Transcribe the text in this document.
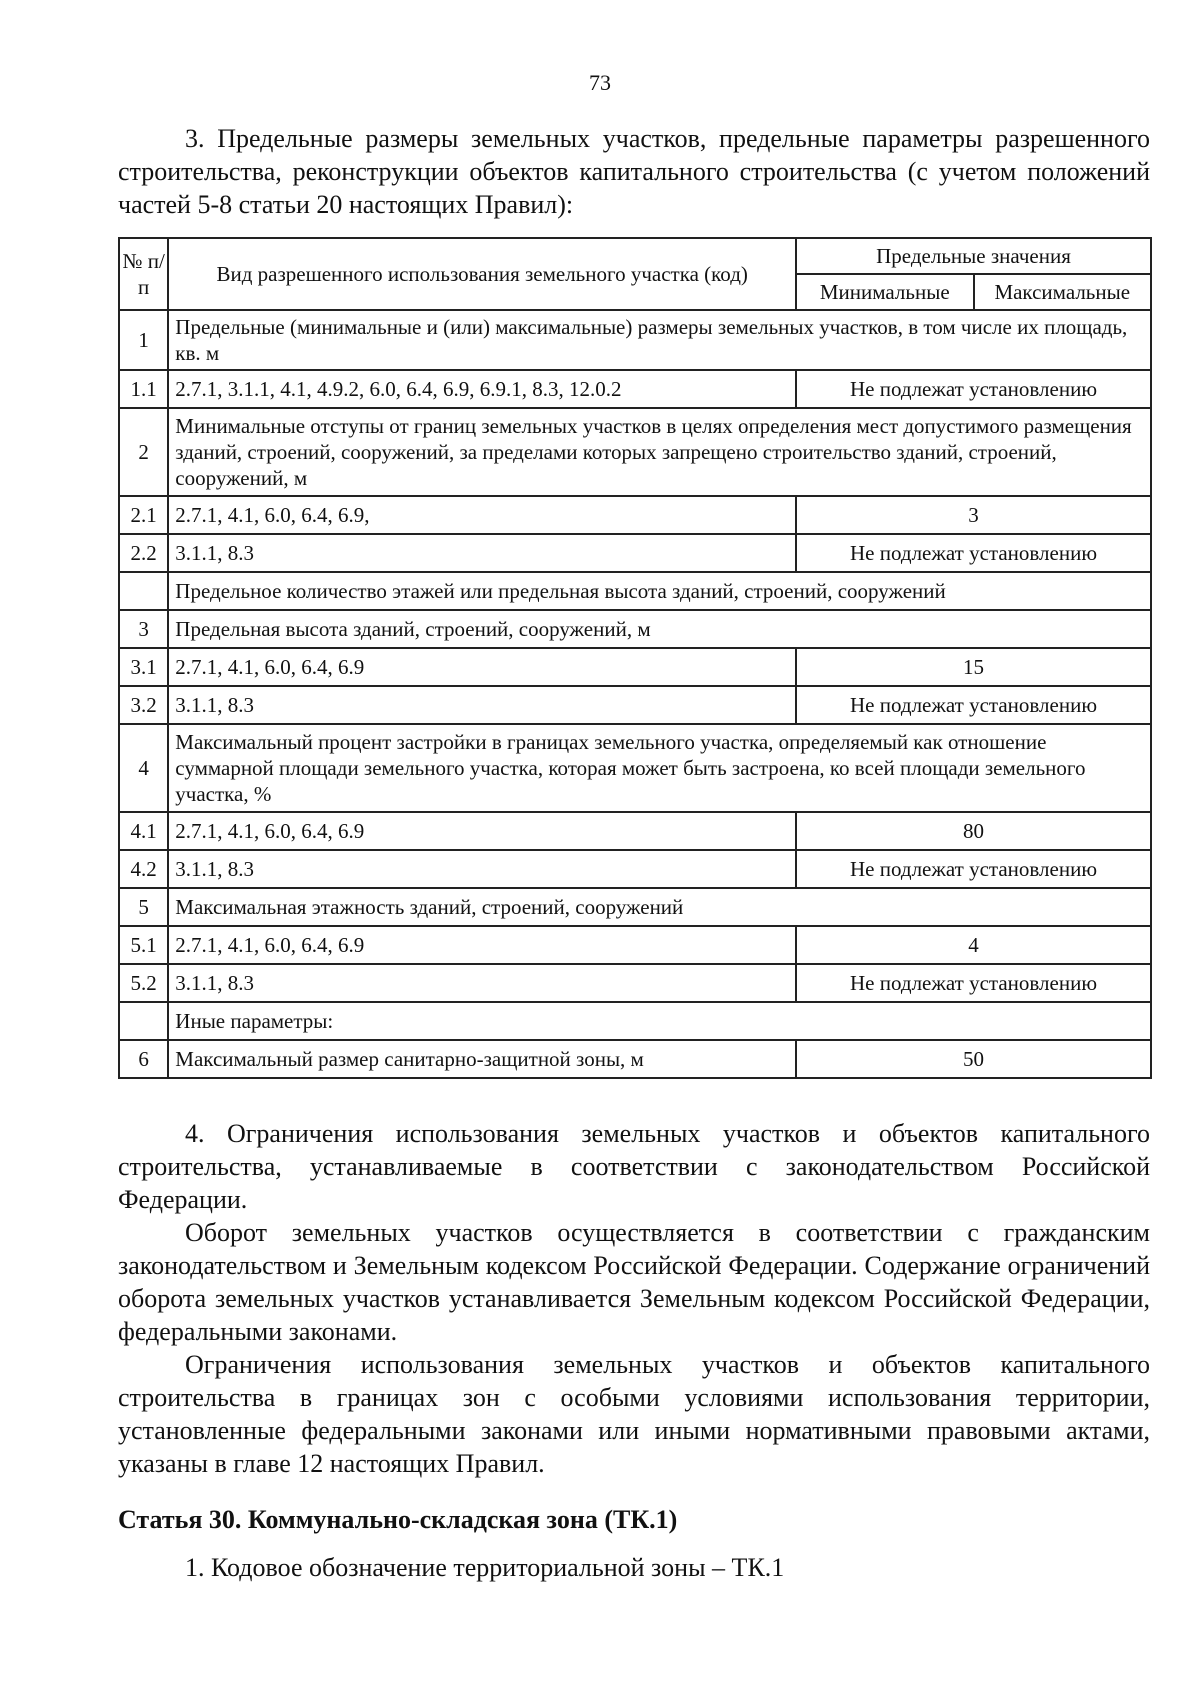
73

3. Предельные размеры земельных участков, предельные параметры разрешенного строительства, реконструкции объектов капитального строительства (с учетом положений частей 5-8 статьи 20 настоящих Правил):

№ п/п	Вид разрешенного использования земельного участка (код)	Предельные значения	
		Минимальные	Максимальные
1	Предельные (минимальные и (или) максимальные) размеры земельных участков, в том числе их площадь, кв. м		
1.1	2.7.1, 3.1.1, 4.1, 4.9.2, 6.0, 6.4, 6.9, 6.9.1, 8.3, 12.0.2	Не подлежат установлению	
2	Минимальные отступы от границ земельных участков в целях определения мест допустимого размещения зданий, строений, сооружений, за пределами которых запрещено строительство зданий, строений, сооружений, м		
2.1	2.7.1, 4.1, 6.0, 6.4, 6.9,	3	
2.2	3.1.1, 8.3	Не подлежат установлению	
	Предельное количество этажей или предельная высота зданий, строений, сооружений		
3	Предельная высота зданий, строений, сооружений, м		
3.1	2.7.1, 4.1, 6.0, 6.4, 6.9	15	
3.2	3.1.1, 8.3	Не подлежат установлению	
4	Максимальный процент застройки в границах земельного участка, определяемый как отношение суммарной площади земельного участка, которая может быть застроена, ко всей площади земельного участка, %		
4.1	2.7.1, 4.1, 6.0, 6.4, 6.9	80	
4.2	3.1.1, 8.3	Не подлежат установлению	
5	Максимальная этажность зданий, строений, сооружений		
5.1	2.7.1, 4.1, 6.0, 6.4, 6.9	4	
5.2	3.1.1, 8.3	Не подлежат установлению	
	Иные параметры:		
6	Максимальный размер санитарно-защитной зоны, м	50	

4. Ограничения использования земельных участков и объектов капитального строительства, устанавливаемые в соответствии с законодательством Российской Федерации.

Оборот земельных участков осуществляется в соответствии с гражданским законодательством и Земельным кодексом Российской Федерации. Содержание ограничений оборота земельных участков устанавливается Земельным кодексом Российской Федерации, федеральными законами.

Ограничения использования земельных участков и объектов капитального строительства в границах зон с особыми условиями использования территории, установленные федеральными законами или иными нормативными правовыми актами, указаны в главе 12 настоящих Правил.

Статья 30. Коммунально-складская зона (ТК.1)

1. Кодовое обозначение территориальной зоны – ТК.1
